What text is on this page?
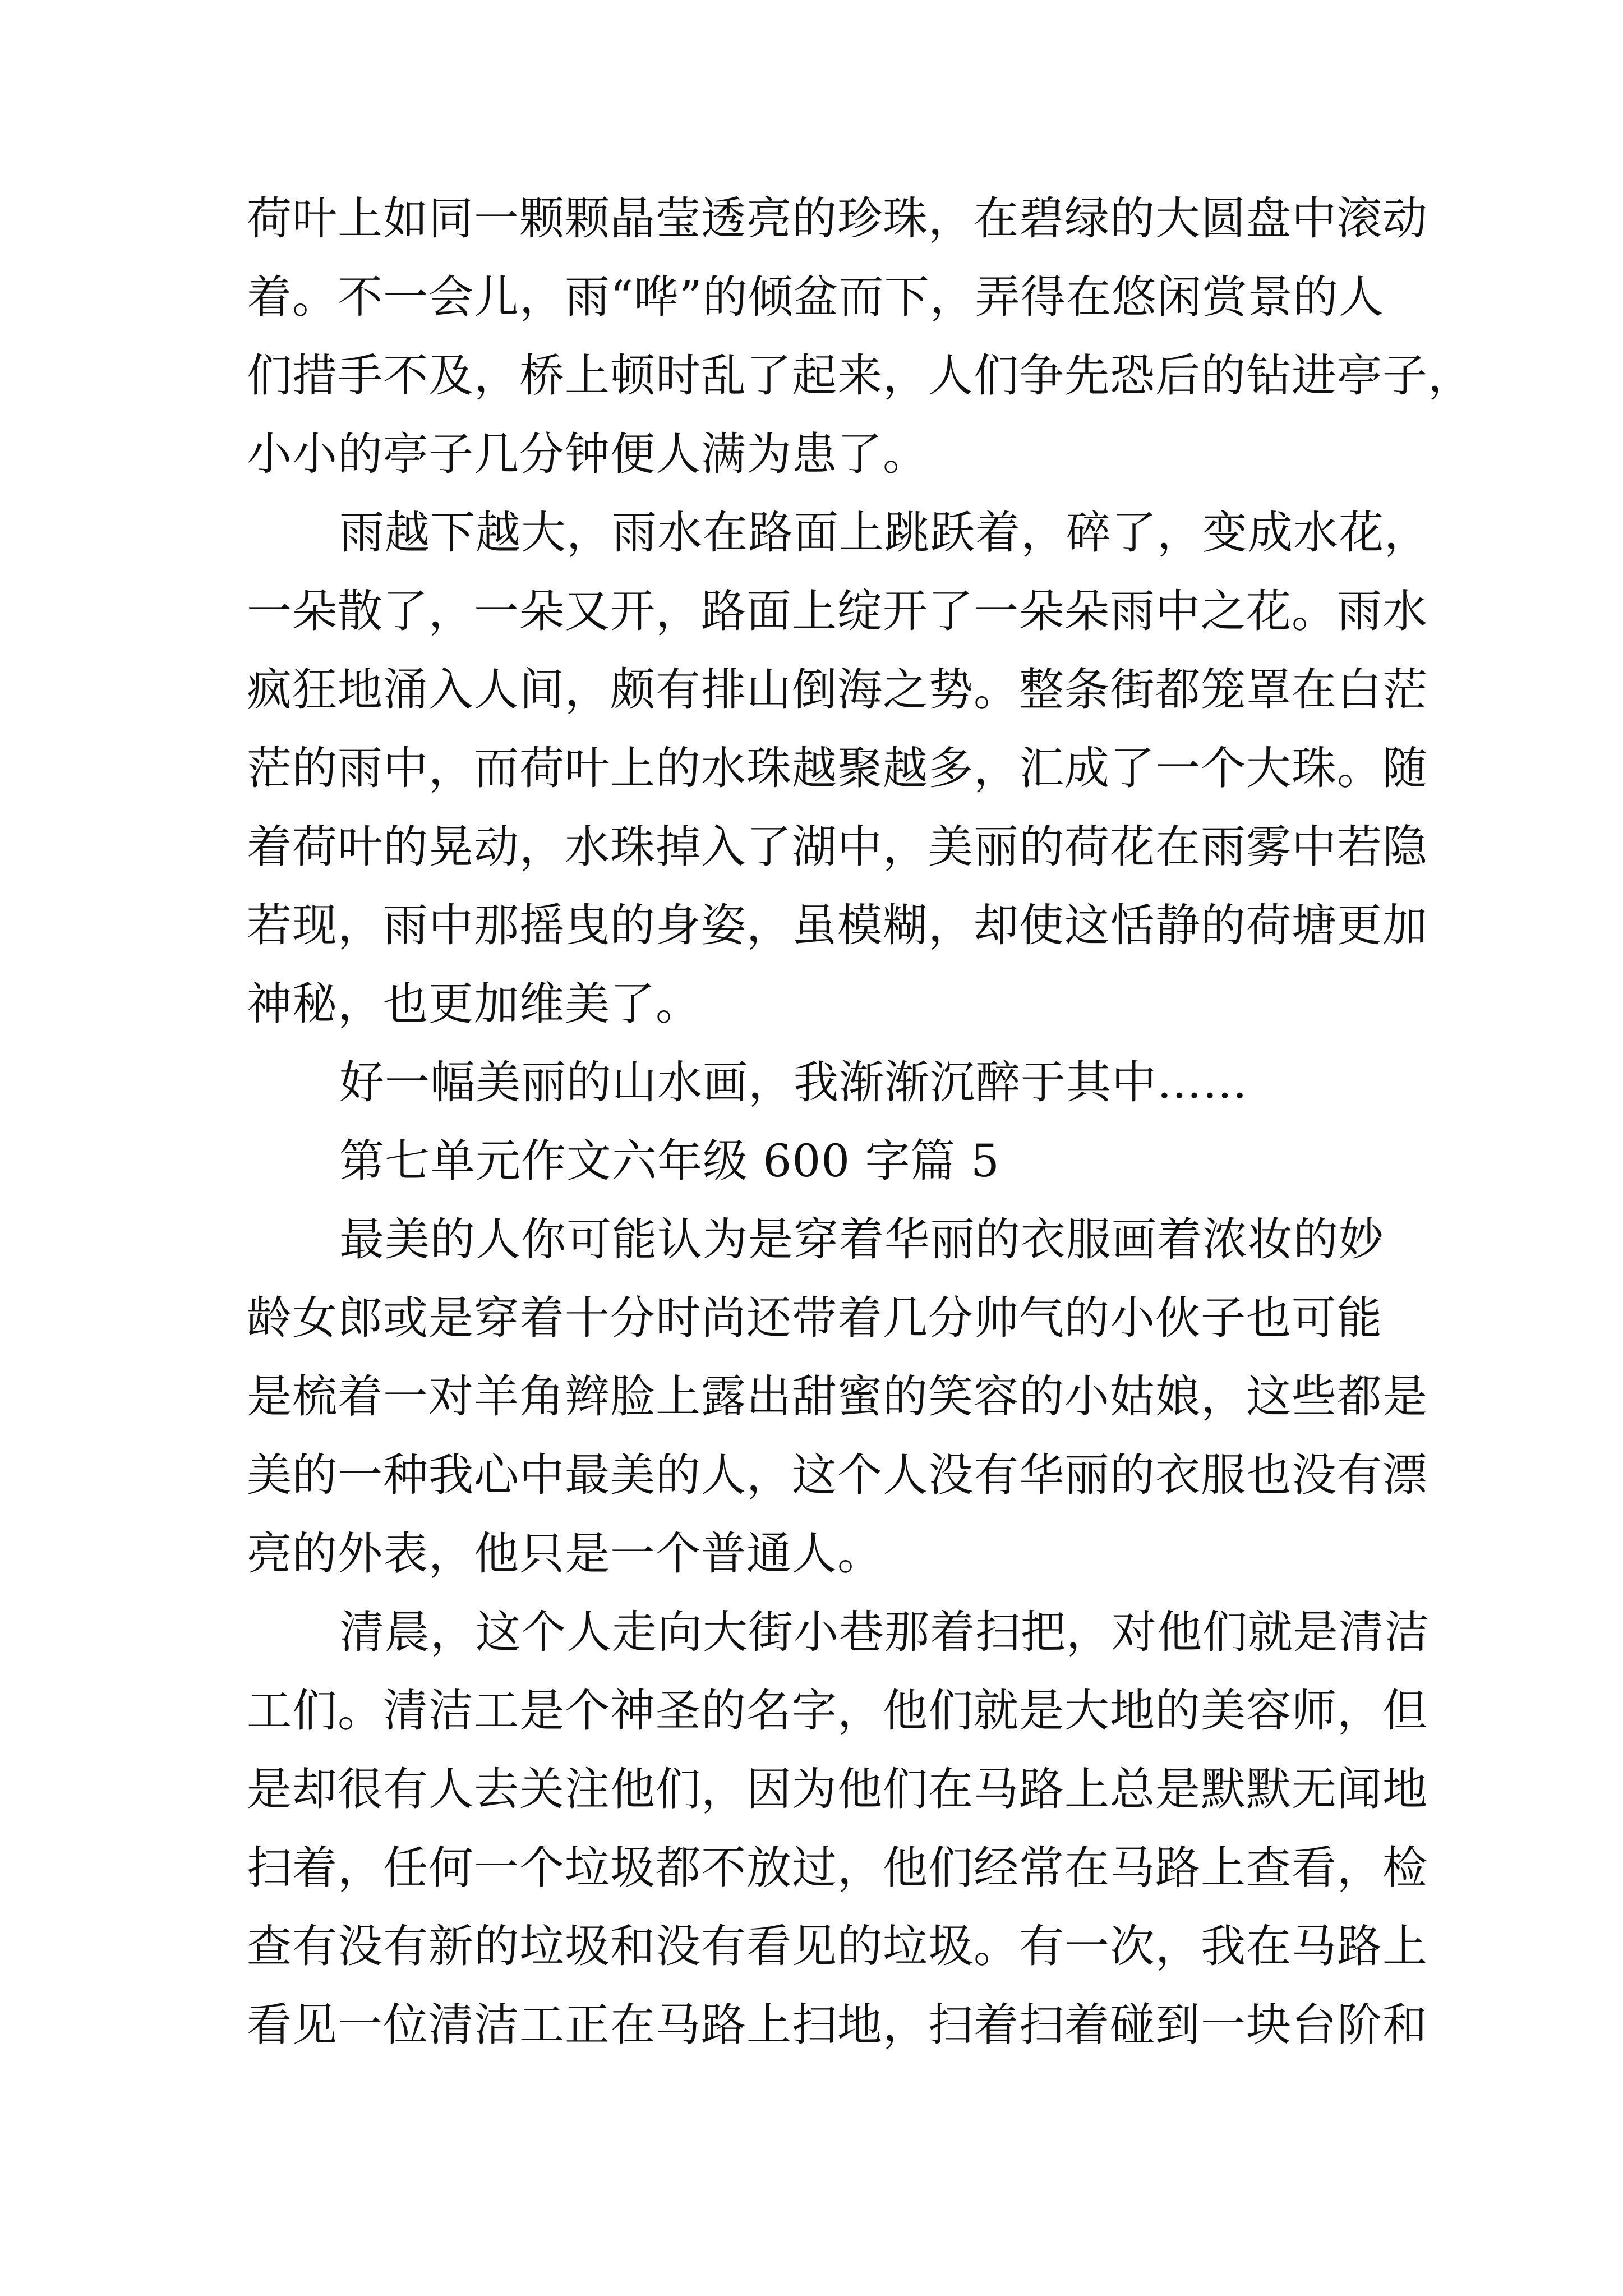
荷叶上如同一颗颗晶莹透亮的珍珠，在碧绿的大圆盘中滚动
着。不一会儿，雨“哗”的倾盆而下，弄得在悠闲赏景的人
们措手不及，桥上顿时乱了起来，人们争先恐后的钻进亭子，
小小的亭子几分钟便人满为患了。
雨越下越大，雨水在路面上跳跃着，碎了，变成水花，
一朵散了，一朵又开，路面上绽开了一朵朵雨中之花。雨水
疯狂地涌入人间，颇有排山倒海之势。整条街都笼罩在白茫
茫的雨中，而荷叶上的水珠越聚越多，汇成了一个大珠。随
着荷叶的晃动，水珠掉入了湖中，美丽的荷花在雨雾中若隐
若现，雨中那摇曳的身姿，虽模糊，却使这恬静的荷塘更加
神秘，也更加维美了。
好一幅美丽的山水画，我渐渐沉醉于其中……
第七单元作文六年级 600 字篇 5
最美的人你可能认为是穿着华丽的衣服画着浓妆的妙
龄女郎或是穿着十分时尚还带着几分帅气的小伙子也可能
是梳着一对羊角辫脸上露出甜蜜的笑容的小姑娘，这些都是
美的一种我心中最美的人，这个人没有华丽的衣服也没有漂
亮的外表，他只是一个普通人。
清晨，这个人走向大街小巷那着扫把，对他们就是清洁
工们。清洁工是个神圣的名字，他们就是大地的美容师，但
是却很有人去关注他们，因为他们在马路上总是默默无闻地
扫着，任何一个垃圾都不放过，他们经常在马路上查看，检
查有没有新的垃圾和没有看见的垃圾。有一次，我在马路上
看见一位清洁工正在马路上扫地，扫着扫着碰到一块台阶和
